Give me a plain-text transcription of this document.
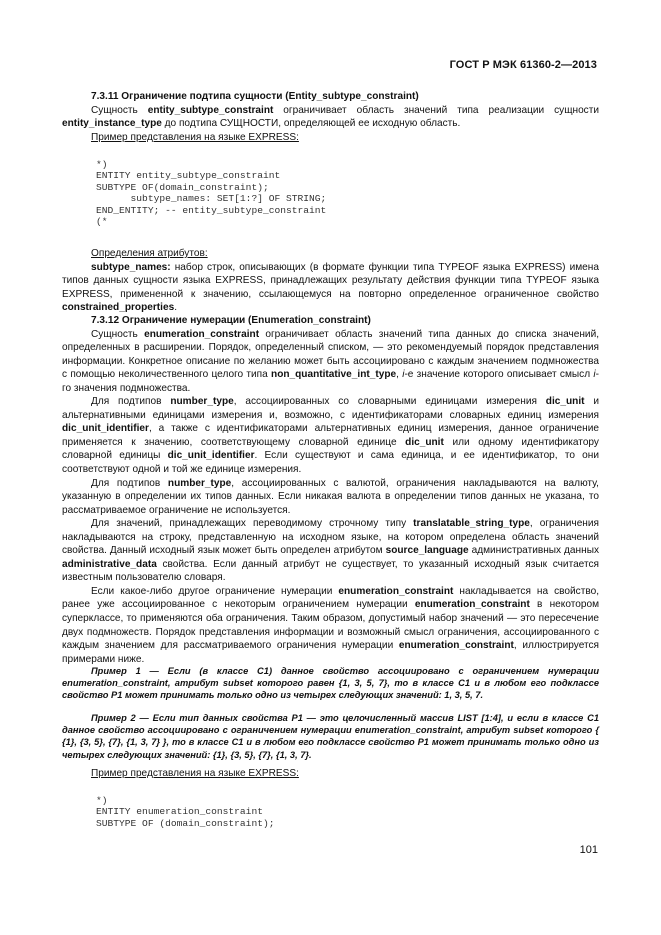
ГОСТ Р МЭК 61360-2—2013

7.3.11 Ограничение подтипа сущности (Entity_subtype_constraint)

Сущность entity_subtype_constraint ограничивает область значений типа реализации сущности entity_instance_type до подтипа СУЩНОСТИ, определяющей ее исходную область.

Пример представления на языке EXPRESS:

*)
ENTITY entity_subtype_constraint
SUBTYPE OF(domain_constraint);
subtype_names: SET[1:?] OF STRING;
END_ENTITY; -- entity_subtype_constraint
(*

Определения атрибутов:

subtype_names: набор строк, описывающих (в формате функции типа TYPEOF языка EXPRESS) имена типов данных сущности языка EXPRESS, принадлежащих результату действия функции типа TYPEOF языка EXPRESS, примененной к значению, ссылающемуся на повторно определенное ограниченное свойство constrained_properties.

7.3.12 Ограничение нумерации (Enumeration_constraint)

Сущность enumeration_constraint ограничивает область значений типа данных до списка значений, определенных в расширении. Порядок, определенный списком, — это рекомендуемый порядок представления информации. Конкретное описание по желанию может быть ассоциировано с каждым значением подмножества с помощью неколичественного целого типа non_quantitative_int_type, i-е значение которого описывает смысл i-го значения подмножества.

Для подтипов number_type, ассоциированных со словарными единицами измерения dic_unit и альтернативными единицами измерения и, возможно, с идентификаторами словарных единиц измерения dic_unit_identifier, а также с идентификаторами альтернативных единиц измерения, данное ограничение применяется к значению, соответствующему словарной единице dic_unit или одному идентификатору словарной единицы dic_unit_identifier. Если существуют и сама единица, и ее идентификатор, то они соответствуют одной и той же единице измерения.

Для подтипов number_type, ассоциированных с валютой, ограничения накладываются на валюту, указанную в определении их типов данных. Если никакая валюта в определении типов данных не указана, то рассматриваемое ограничение не используется.

Для значений, принадлежащих переводимому строчному типу translatable_string_type, ограничения накладываются на строку, представленную на исходном языке, на котором определена область значений свойства. Данный исходный язык может быть определен атрибутом source_language административных данных administrative_data свойства. Если данный атрибут не существует, то указанный исходный язык считается известным пользователю словаря.

Если какое-либо другое ограничение нумерации enumeration_constraint накладывается на свойство, ранее уже ассоциированное с некоторым ограничением нумерации enumeration_constraint в некотором суперклассе, то применяются оба ограничения. Таким образом, допустимый набор значений — это пересечение двух подмножеств. Порядок представления информации и возможный смысл ограничения, ассоциированного с каждым значением для рассматриваемого ограничения нумерации enumeration_constraint, иллюстрируется примерами ниже.

Пример 1 — Если (в классе С1) данное свойство ассоциировано с ограничением нумерации enumeration_constraint, атрибут subset которого равен {1, 3, 5, 7}, то в классе С1 и в любом его подклассе свойство Р1 может принимать только одно из четырех следующих значений: 1, 3, 5, 7.

Пример 2 — Если тип данных свойства Р1 — это целочисленный массив LIST [1:4], и если в классе С1 данное свойство ассоциировано с ограничением нумерации enumeration_constraint, атрибут subset которого { {1}, {3, 5}, {7}, {1, 3, 7} }, то в классе С1 и в любом его подклассе свойство Р1 может принимать только одно из четырех следующих значений: {1}, {3, 5}, {7}, {1, 3, 7}.

Пример представления на языке EXPRESS:

*)
ENTITY enumeration_constraint
SUBTYPE OF (domain_constraint);
101
